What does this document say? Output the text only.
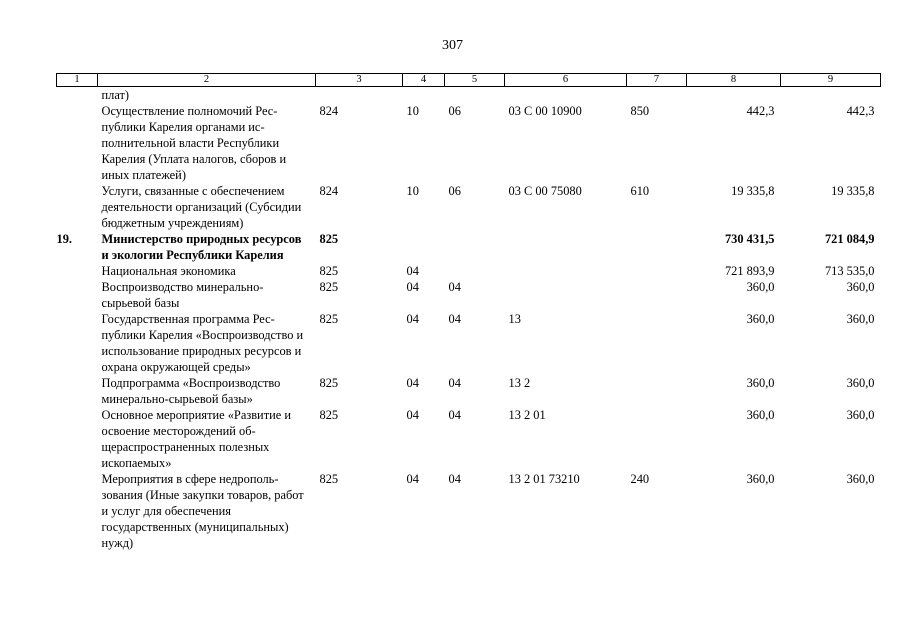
307
1	2	3	4	5	6	7	8	9
	плат)							
	Осуществление полномочий Республики Карелия органами исполнительной власти Республики Карелия (Уплата налогов, сборов и иных платежей)	824	10	06	03 С 00 10900	850	442,3	442,3
	Услуги, связанные с обеспечением деятельности организаций (Субсидии бюджетным учреждениям)	824	10	06	03 С 00 75080	610	19 335,8	19 335,8
19.	Министерство природных ресурсов и экологии Республики Карелия	825					730 431,5	721 084,9
	Национальная экономика	825	04				721 893,9	713 535,0
	Воспроизводство минерально-сырьевой базы	825	04	04			360,0	360,0
	Государственная программа Республики Карелия «Воспроизводство и использование природных ресурсов и охрана окружающей среды»	825	04	04	13		360,0	360,0
	Подпрограмма «Воспроизводство минерально-сырьевой базы»	825	04	04	13 2		360,0	360,0
	Основное мероприятие «Развитие и освоение месторождений общераспространенных полезных ископаемых»	825	04	04	13 2 01		360,0	360,0
	Мероприятия в сфере недропользования (Иные закупки товаров, работ и услуг для обеспечения государственных (муниципальных) нужд)	825	04	04	13 2 01 73210	240	360,0	360,0
